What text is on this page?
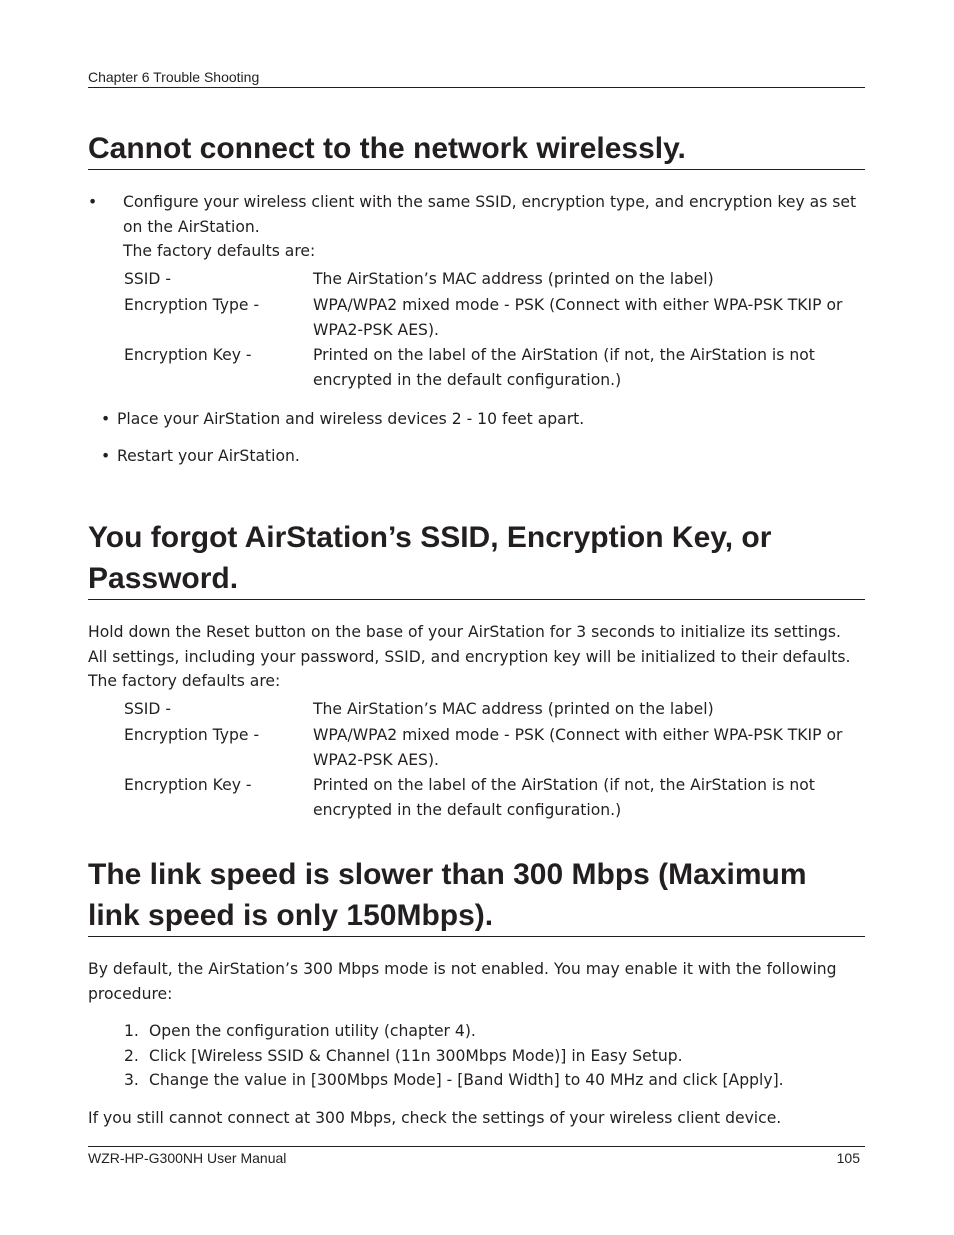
Chapter 6 Trouble Shooting
Cannot connect to the network wirelessly.
•	Configure your wireless client with the same SSID, encryption type, and encryption key as set on the AirStation.
The factory defaults are:
SSID -	The AirStation’s MAC address (printed on the label)
Encryption Type -	WPA/WPA2 mixed mode - PSK (Connect with either WPA-PSK TKIP or WPA2-PSK AES).
Encryption Key -	Printed on the label of the AirStation (if not, the AirStation is not encrypted in the default configuration.)
• Place your AirStation and wireless devices 2 - 10 feet apart.
• Restart your AirStation.
You forgot AirStation’s SSID, Encryption Key, or Password.
Hold down the Reset button on the base of your AirStation for 3 seconds to initialize its settings. All settings, including your password, SSID, and encryption key will be initialized to their defaults. The factory defaults are:
SSID -	The AirStation’s MAC address (printed on the label)
Encryption Type -	WPA/WPA2 mixed mode - PSK (Connect with either WPA-PSK TKIP or WPA2-PSK AES).
Encryption Key -	Printed on the label of the AirStation (if not, the AirStation is not encrypted in the default configuration.)
The link speed is slower than 300 Mbps (Maximum link speed is only 150Mbps).
By default, the AirStation’s 300 Mbps mode is not enabled. You may enable it with the following procedure:
1. Open the configuration utility (chapter 4).
2. Click [Wireless SSID & Channel (11n 300Mbps Mode)] in Easy Setup.
3. Change the value in [300Mbps Mode] - [Band Width] to 40 MHz and click [Apply].
If you still cannot connect at 300 Mbps, check the settings of your wireless client device.
WZR-HP-G300NH User Manual	105
